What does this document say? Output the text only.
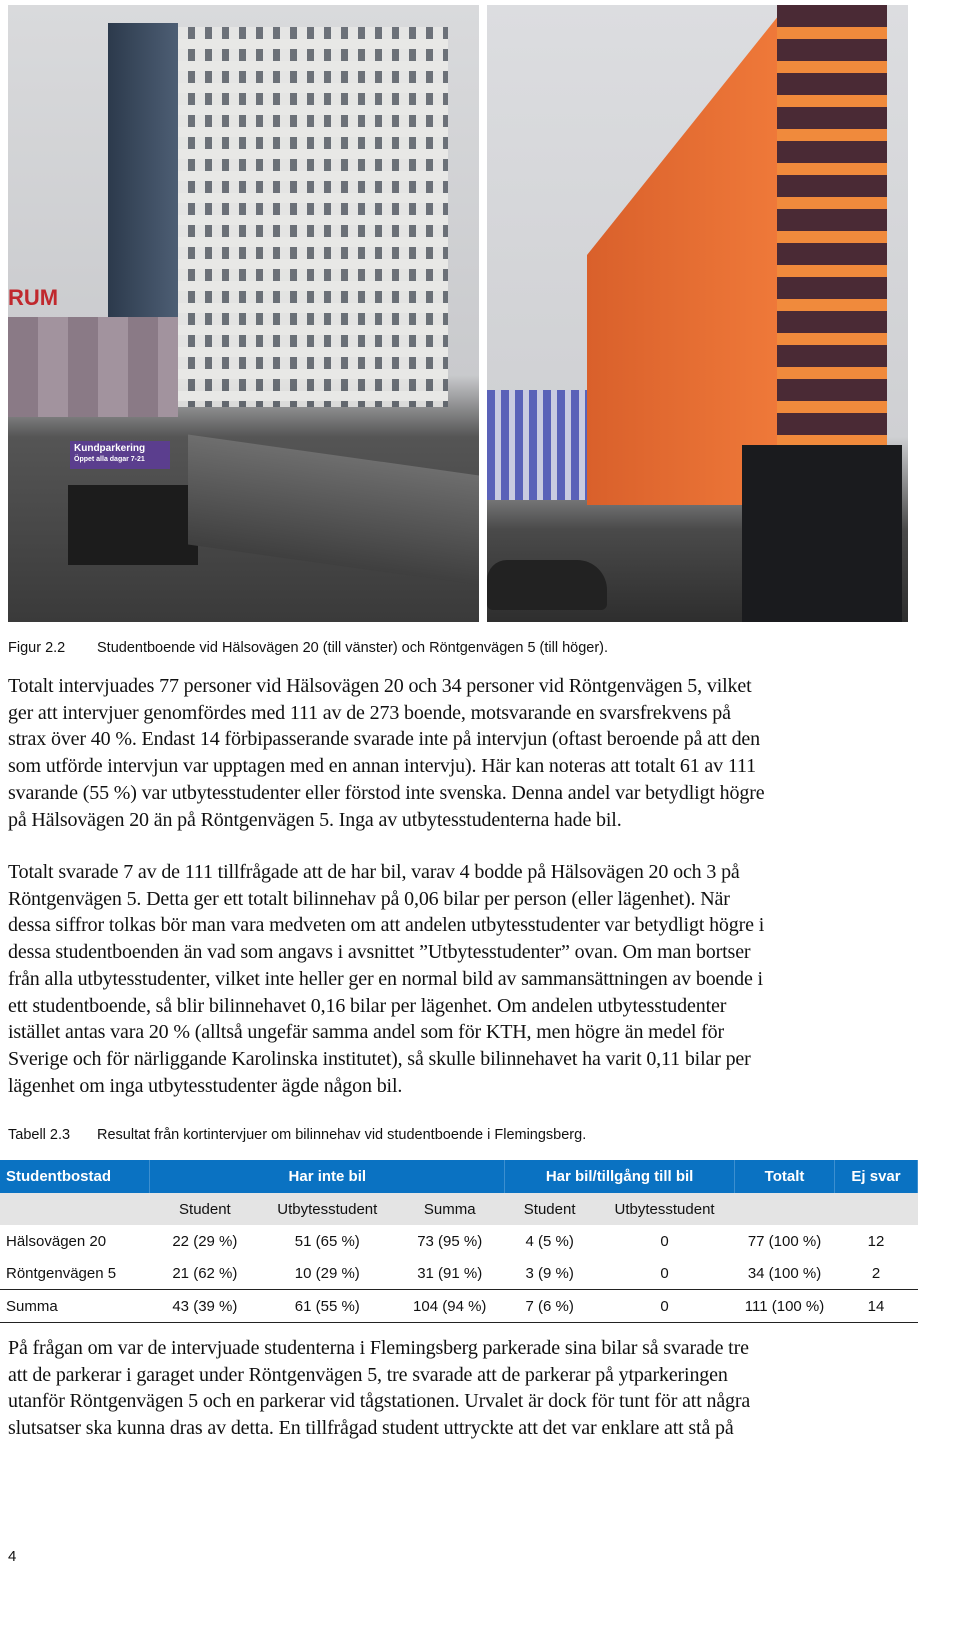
RUM
Kundparkering
Öppet alla dagar 7-21
Figur 2.2 Studentboende vid Hälsovägen 20 (till vänster) och Röntgenvägen 5 (till höger).
Totalt intervjuades 77 personer vid Hälsovägen 20 och 34 personer vid Röntgenvägen 5, vilket
ger att intervjuer genomfördes med 111 av de 273 boende, motsvarande en svarsfrekvens på
strax över 40 %. Endast 14 förbipasserande svarade inte på intervjun (oftast beroende på att den
som utförde intervjun var upptagen med en annan intervju). Här kan noteras att totalt 61 av 111
svarande (55 %) var utbytesstudenter eller förstod inte svenska. Denna andel var betydligt högre
på Hälsovägen 20 än på Röntgenvägen 5. Inga av utbytesstudenterna hade bil.
Totalt svarade 7 av de 111 tillfrågade att de har bil, varav 4 bodde på Hälsovägen 20 och 3 på
Röntgenvägen 5. Detta ger ett totalt bilinnehav på 0,06 bilar per person (eller lägenhet). När
dessa siffror tolkas bör man vara medveten om att andelen utbytesstudenter var betydligt högre i
dessa studentboenden än vad som angavs i avsnittet ”Utbytesstudenter” ovan. Om man bortser
från alla utbytesstudenter, vilket inte heller ger en normal bild av sammansättningen av boende i
ett studentboende, så blir bilinnehavet 0,16 bilar per lägenhet. Om andelen utbytesstudenter
istället antas vara 20 % (alltså ungefär samma andel som för KTH, men högre än medel för
Sverige och för närliggande Karolinska institutet), så skulle bilinnehavet ha varit 0,11 bilar per
lägenhet om inga utbytesstudenter ägde någon bil.
Tabell 2.3 Resultat från kortintervjuer om bilinnehav vid studentboende i Flemingsberg.
Studentbostad	Har inte bil			Har bil/tillgång till bil		Totalt	Ej svar
	Student	Utbytesstudent	Summa	Student	Utbytesstudent		
Hälsovägen 20	22 (29 %)	51 (65 %)	73 (95 %)	4 (5 %)	0	77 (100 %)	12
Röntgenvägen 5	21 (62 %)	10 (29 %)	31 (91 %)	3 (9 %)	0	34 (100 %)	2
Summa	43 (39 %)	61 (55 %)	104 (94 %)	7 (6 %)	0	111 (100 %)	14
På frågan om var de intervjuade studenterna i Flemingsberg parkerade sina bilar så svarade tre
att de parkerar i garaget under Röntgenvägen 5, tre svarade att de parkerar på ytparkeringen
utanför Röntgenvägen 5 och en parkerar vid tågstationen. Urvalet är dock för tunt för att några
slutsatser ska kunna dras av detta. En tillfrågad student uttryckte att det var enklare att stå på
4
